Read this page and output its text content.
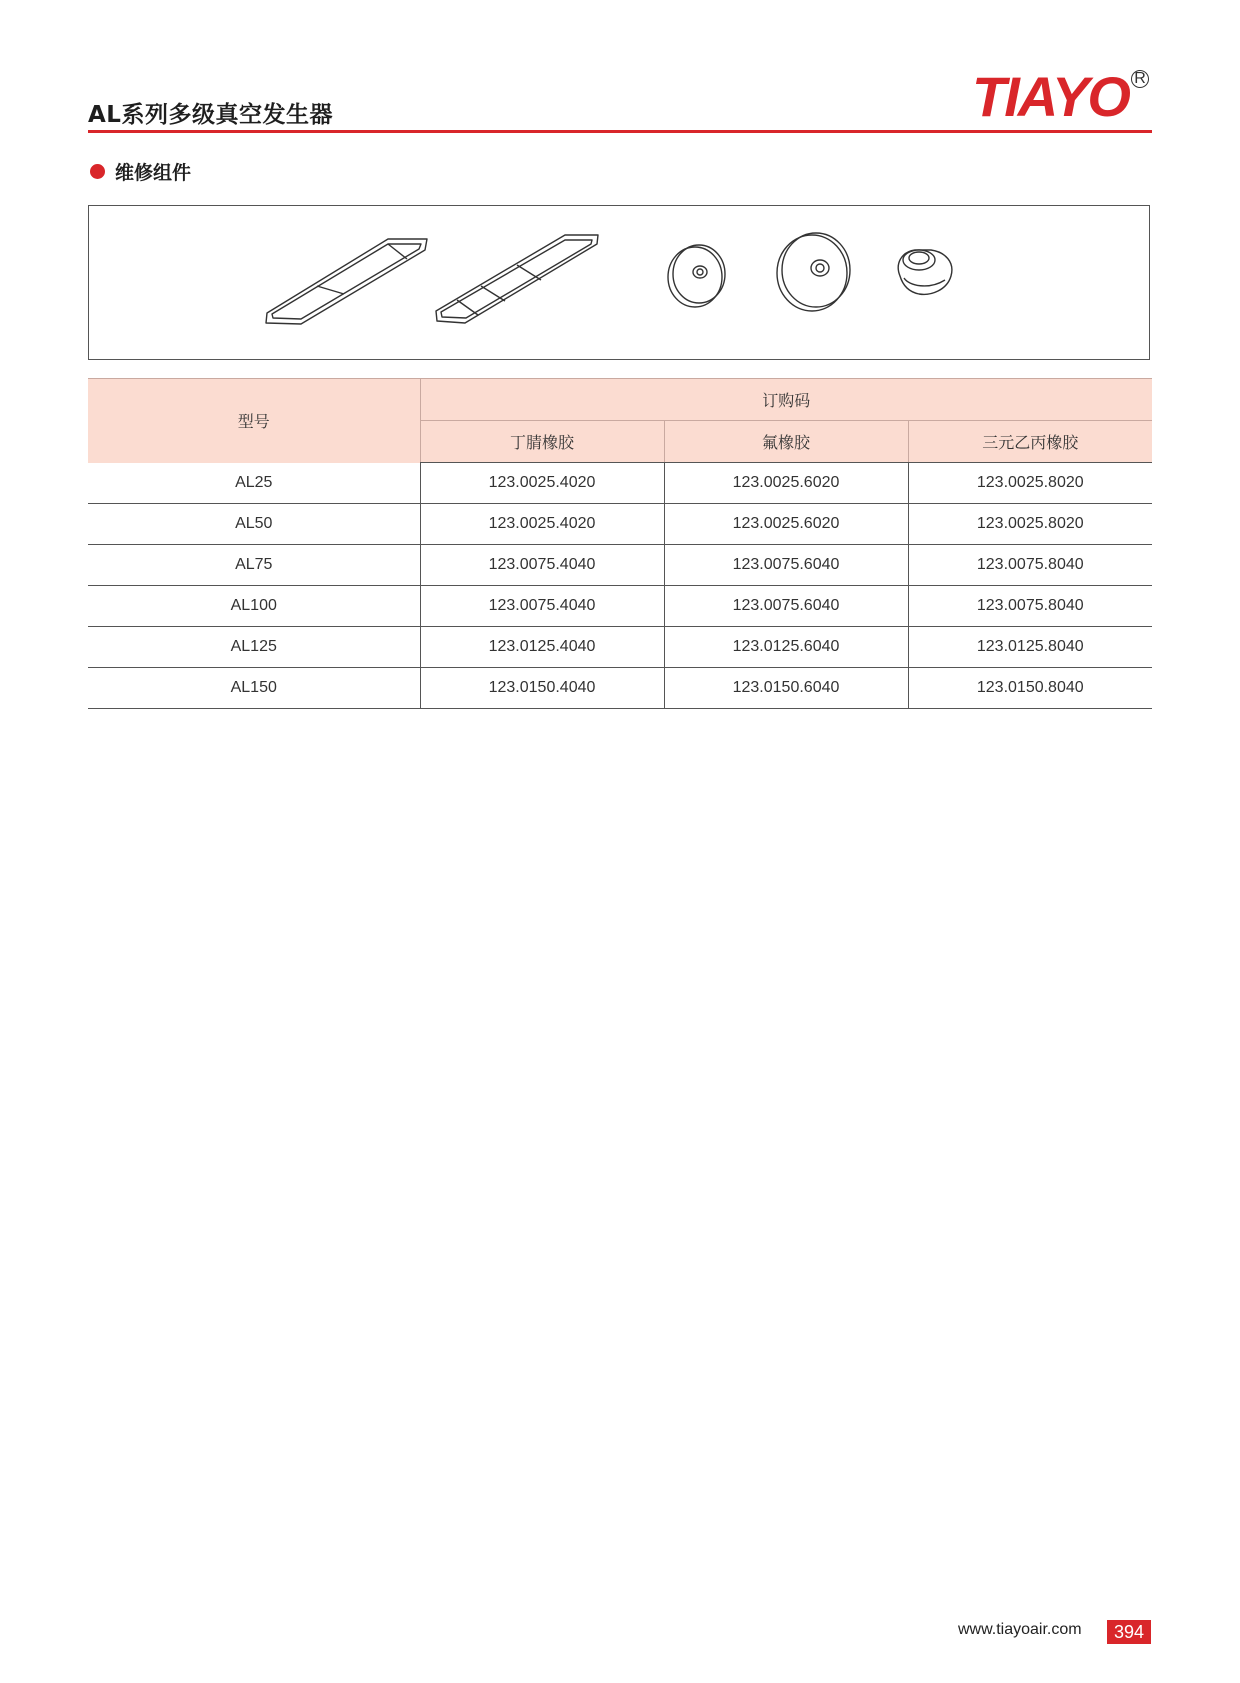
AL系列多级真空发生器	TIAYO R
维修组件
型号	订购码		
	丁腈橡胶	氟橡胶	三元乙丙橡胶
AL25	123.0025.4020	123.0025.6020	123.0025.8020
AL50	123.0025.4020	123.0025.6020	123.0025.8020
AL75	123.0075.4040	123.0075.6040	123.0075.8040
AL100	123.0075.4040	123.0075.6040	123.0075.8040
AL125	123.0125.4040	123.0125.6040	123.0125.8040
AL150	123.0150.4040	123.0150.6040	123.0150.8040
www.tiayoair.com	394
